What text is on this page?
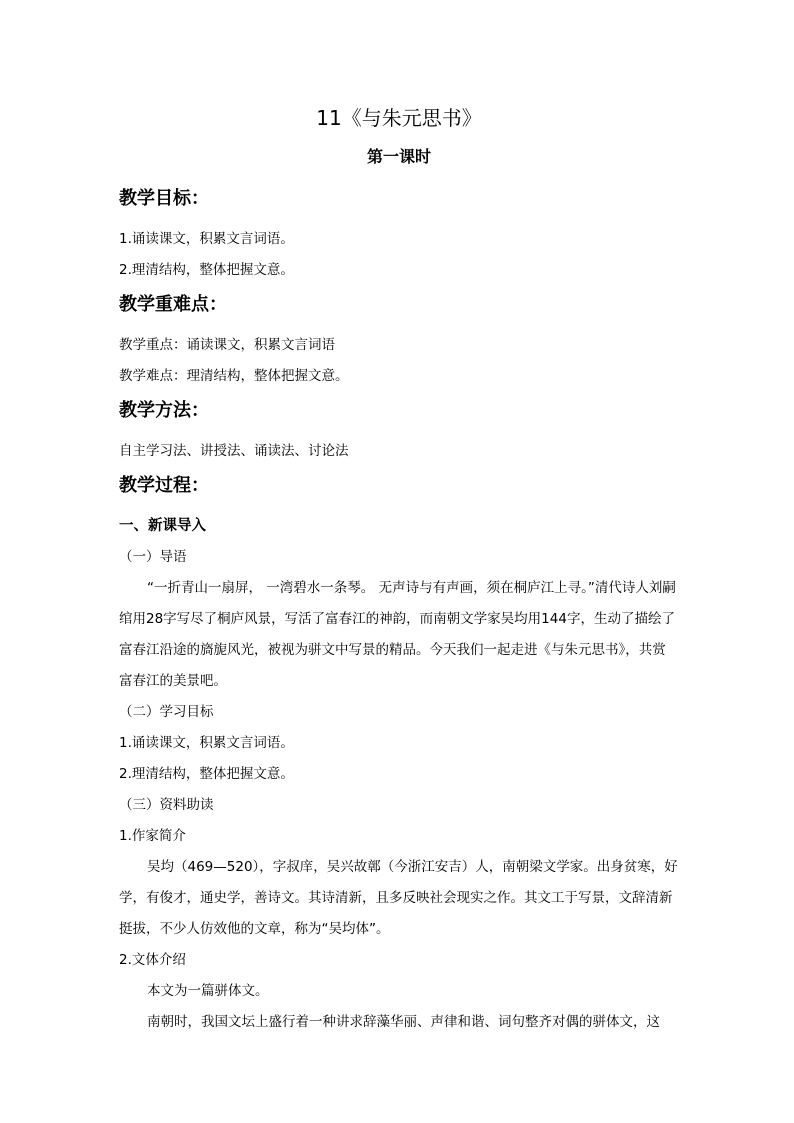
11《与朱元思书》
第一课时
教学目标：
1.诵读课文，积累文言词语。
2.理清结构，整体把握文意。
教学重难点：
教学重点：诵读课文，积累文言词语
教学难点：理清结构，整体把握文意。
教学方法：
自主学习法、讲授法、诵读法、讨论法
教学过程：
一、新课导入
（一）导语
“一折青山一扇屏， 一湾碧水一条琴。 无声诗与有声画，须在桐庐江上寻。”清代诗人刘嗣绾用28字写尽了桐庐风景，写活了富春江的神韵，而南朝文学家吴均用144字，生动了描绘了富春江沿途的旖旎风光，被视为骈文中写景的精品。今天我们一起走进《与朱元思书》，共赏富春江的美景吧。
（二）学习目标
1.诵读课文，积累文言词语。
2.理清结构，整体把握文意。
（三）资料助读
1.作家简介
吴均（469—520），字叔庠，吴兴故鄣（今浙江安吉）人，南朝梁文学家。出身贫寒，好学，有俊才，通史学，善诗文。其诗清新，且多反映社会现实之作。其文工于写景，文辞清新挺拔，不少人仿效他的文章，称为“吴均体”。
2.文体介绍
本文为一篇骈体文。
南朝时，我国文坛上盛行着一种讲求辞藻华丽、声律和谐、词句整齐对偶的骈体文，这
